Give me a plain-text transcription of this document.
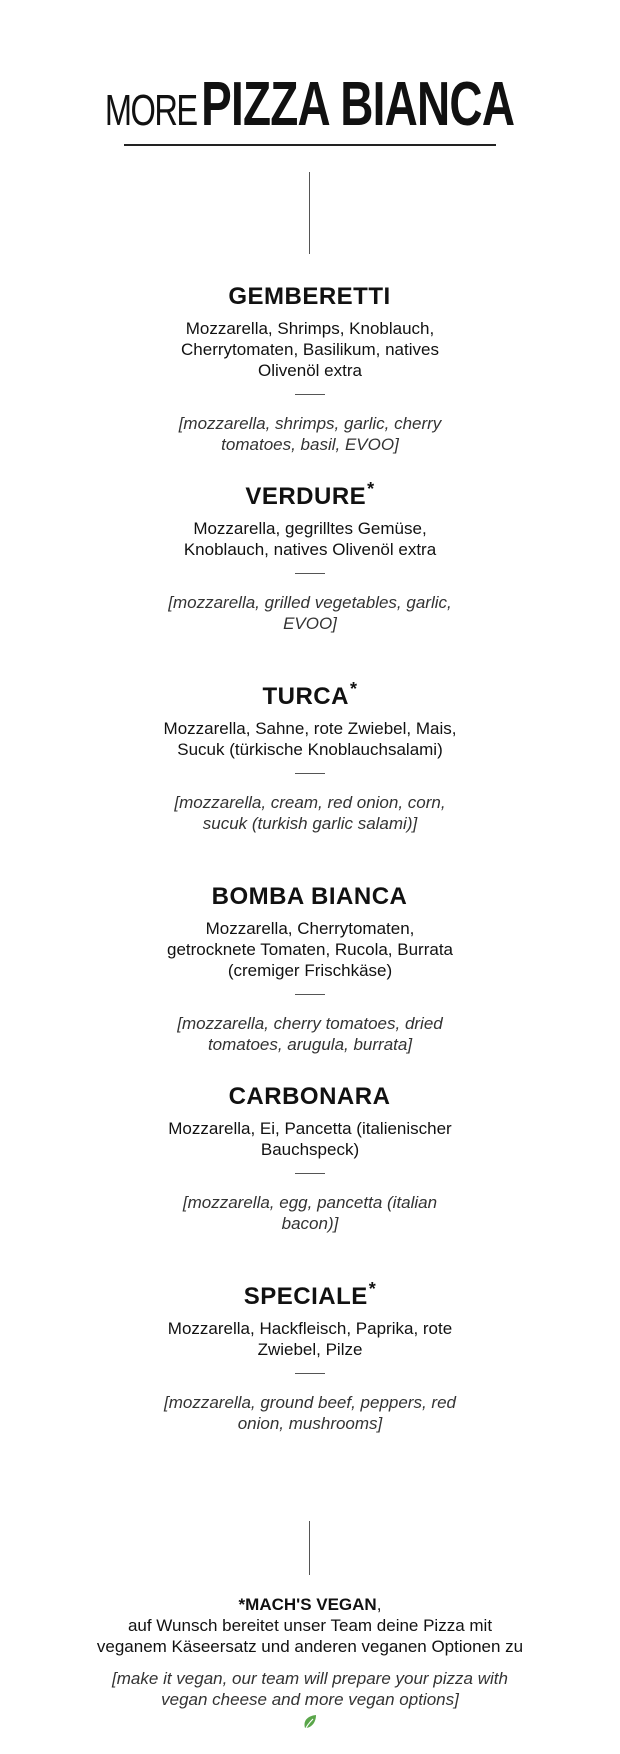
MOREPIZZA BIANCA

GEMBERETTI

Mozzarella, Shrimps, Knoblauch, Cherrytomaten, Basilikum, natives Olivenöl extra

[mozzarella, shrimps, garlic, cherry tomatoes, basil, EVOO]

VERDURE*

Mozzarella, gegrilltes Gemüse, Knoblauch, natives Olivenöl extra

[mozzarella, grilled vegetables, garlic, EVOO]

TURCA*

Mozzarella, Sahne, rote Zwiebel, Mais, Sucuk (türkische Knoblauchsalami)

[mozzarella, cream, red onion, corn, sucuk (turkish garlic salami)]

BOMBA BIANCA

Mozzarella, Cherrytomaten, getrocknete Tomaten, Rucola, Burrata (cremiger Frischkäse)

[mozzarella, cherry tomatoes, dried tomatoes, arugula, burrata]

CARBONARA

Mozzarella, Ei, Pancetta (italienischer Bauchspeck)

[mozzarella, egg, pancetta (italian bacon)]

SPECIALE*

Mozzarella, Hackfleisch, Paprika, rote Zwiebel, Pilze

[mozzarella, ground beef, peppers, red onion, mushrooms]

*MACH'S VEGAN,
auf Wunsch bereitet unser Team deine Pizza mit
veganem Käseersatz und anderen veganen Optionen zu
[make it vegan, our team will prepare your pizza with
vegan cheese and more vegan options]
